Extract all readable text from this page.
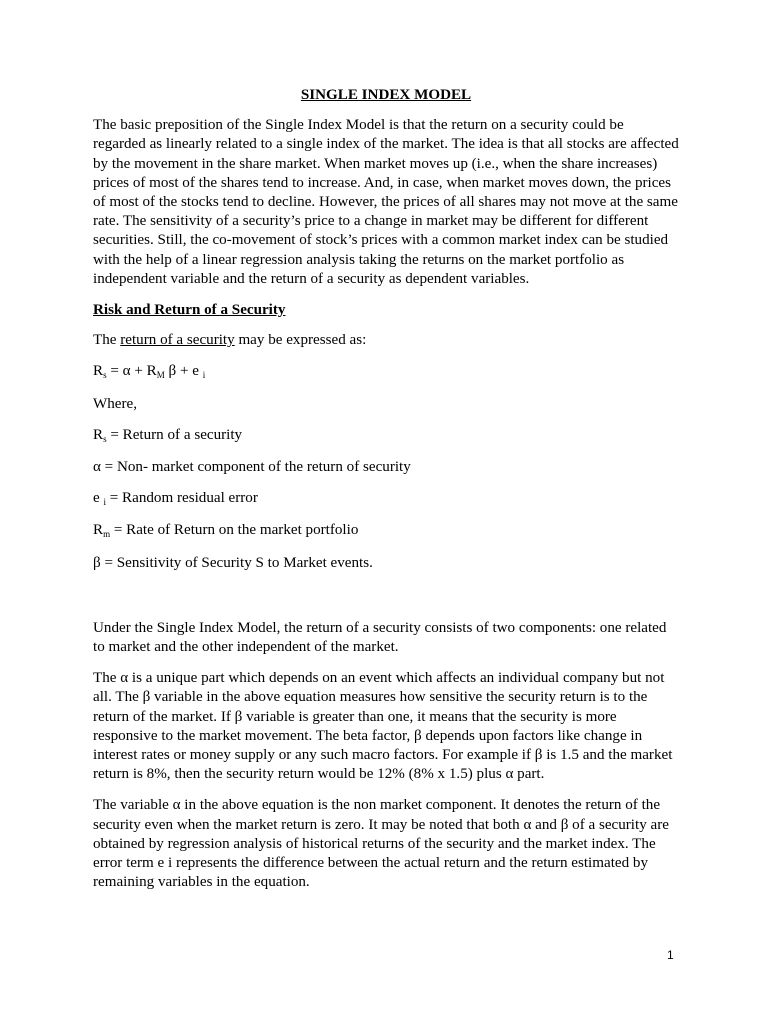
SINGLE INDEX MODEL

The basic preposition of the Single Index Model is that the return on a security could be regarded as linearly related to a single index of the market. The idea is that all stocks are affected by the movement in the share market. When market moves up (i.e., when the share increases) prices of most of the shares tend to increase. And, in case, when market moves down, the prices of most of the stocks tend to decline. However, the prices of all shares may not move at the same rate. The sensitivity of a security’s price to a change in market may be different for different securities. Still, the co-movement of stock’s prices with a common market index can be studied with the help of a linear regression analysis taking the returns on the market portfolio as independent variable and the return of a security as dependent variables.

Risk and Return of a Security

The return of a security may be expressed as:

Rs = α + RM β + e i

Where,

Rs = Return of a security

α = Non- market component of the return of security

e i = Random residual error

Rm = Rate of Return on the market portfolio

β = Sensitivity of Security S to Market events.

Under the Single Index Model, the return of a security consists of two components: one related to market and the other independent of the market.

The α is a unique part which depends on an event which affects an individual company but not all. The β variable in the above equation measures how sensitive the security return is to the return of the market. If β variable is greater than one, it means that the security is more responsive to the market movement. The beta factor, β depends upon factors like change in interest rates or money supply or any such macro factors. For example if β is 1.5 and the market return is 8%, then the security return would be 12% (8% x 1.5) plus α part.

The variable α in the above equation is the non market component. It denotes the return of the security even when the market return is zero. It may be noted that both α and β of a security are obtained by regression analysis of historical returns of the security and the market index. The error term e i represents the difference between the actual return and the return estimated by remaining variables in the equation.

1
